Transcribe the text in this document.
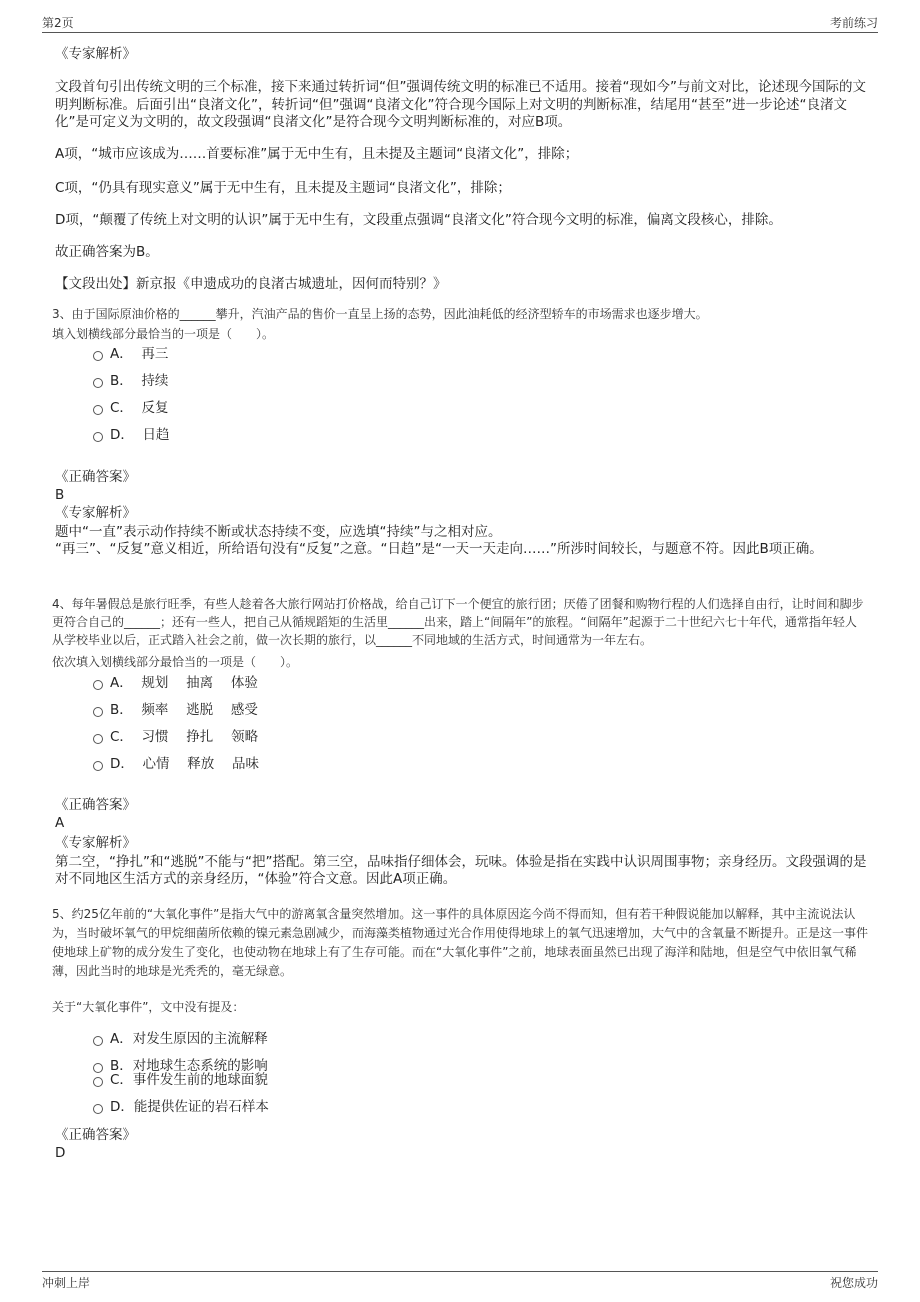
第2页	考前练习

《专家解析》

文段首句引出传统文明的三个标准，接下来通过转折词“但”强调传统文明的标准已不适用。接着“现如今”与前文对比，论述现今国际的文明判断标准。后面引出“良渚文化”，转折词“但”强调“良渚文化”符合现今国际上对文明的判断标准，结尾用“甚至”进一步论述“良渚文化”是可定义为文明的，故文段强调“良渚文化”是符合现今文明判断标准的，对应B项。

A项，“城市应该成为……首要标准”属于无中生有，且未提及主题词“良渚文化”，排除；

C项，“仍具有现实意义”属于无中生有，且未提及主题词“良渚文化”，排除；

D项，“颠覆了传统上对文明的认识”属于无中生有，文段重点强调“良渚文化”符合现今文明的标准，偏离文段核心，排除。

故正确答案为B。

【文段出处】新京报《申遗成功的良渚古城遗址，因何而特别？》

3、由于国际原油价格的______攀升，汽油产品的售价一直呈上扬的态势，因此油耗低的经济型轿车的市场需求也逐步增大。

填入划横线部分最恰当的一项是（　　）。

A．  再三
B．  持续
C．  反复
D．  日趋

《正确答案》

B

《专家解析》

题中“一直”表示动作持续不断或状态持续不变，应选填“持续”与之相对应。
“再三”、“反复”意义相近，所给语句没有“反复”之意。“日趋”是“一天一天走向……”所涉时间较长，与题意不符。因此B项正确。

4、每年暑假总是旅行旺季，有些人趁着各大旅行网站打价格战，给自己订下一个便宜的旅行团；厌倦了团餐和购物行程的人们选择自由行，让时间和脚步更符合自己的______；还有一些人，把自己从循规蹈矩的生活里______出来，踏上“间隔年”的旅程。“间隔年”起源于二十世纪六七十年代，通常指年轻人从学校毕业以后，正式踏入社会之前，做一次长期的旅行，以______不同地域的生活方式，时间通常为一年左右。

依次填入划横线部分最恰当的一项是（　　）。

A．  规划　 抽离　 体验
B．  频率　 逃脱　 感受
C．  习惯　 挣扎　 领略
D．  心情　 释放　 品味

《正确答案》

A

《专家解析》

第二空，“挣扎”和“逃脱”不能与“把”搭配。第三空，品味指仔细体会，玩味。体验是指在实践中认识周围事物；亲身经历。文段强调的是对不同地区生活方式的亲身经历，“体验”符合文意。因此A项正确。

5、约25亿年前的“大氧化事件”是指大气中的游离氧含量突然增加。这一事件的具体原因迄今尚不得而知，但有若干种假说能加以解释，其中主流说法认为，当时破坏氧气的甲烷细菌所依赖的镍元素急剧减少，而海藻类植物通过光合作用使得地球上的氧气迅速增加，大气中的含氧量不断提升。正是这一事件使地球上矿物的成分发生了变化，也使动物在地球上有了生存可能。而在“大氧化事件”之前，地球表面虽然已出现了海洋和陆地，但是空气中依旧氧气稀薄，因此当时的地球是光秃秃的，毫无绿意。

关于“大氧化事件”，文中没有提及：

A．对发生原因的主流解释
B．对地球生态系统的影响
C．事件发生前的地球面貌
D．能提供佐证的岩石样本

《正确答案》

D

冲刺上岸	祝您成功
